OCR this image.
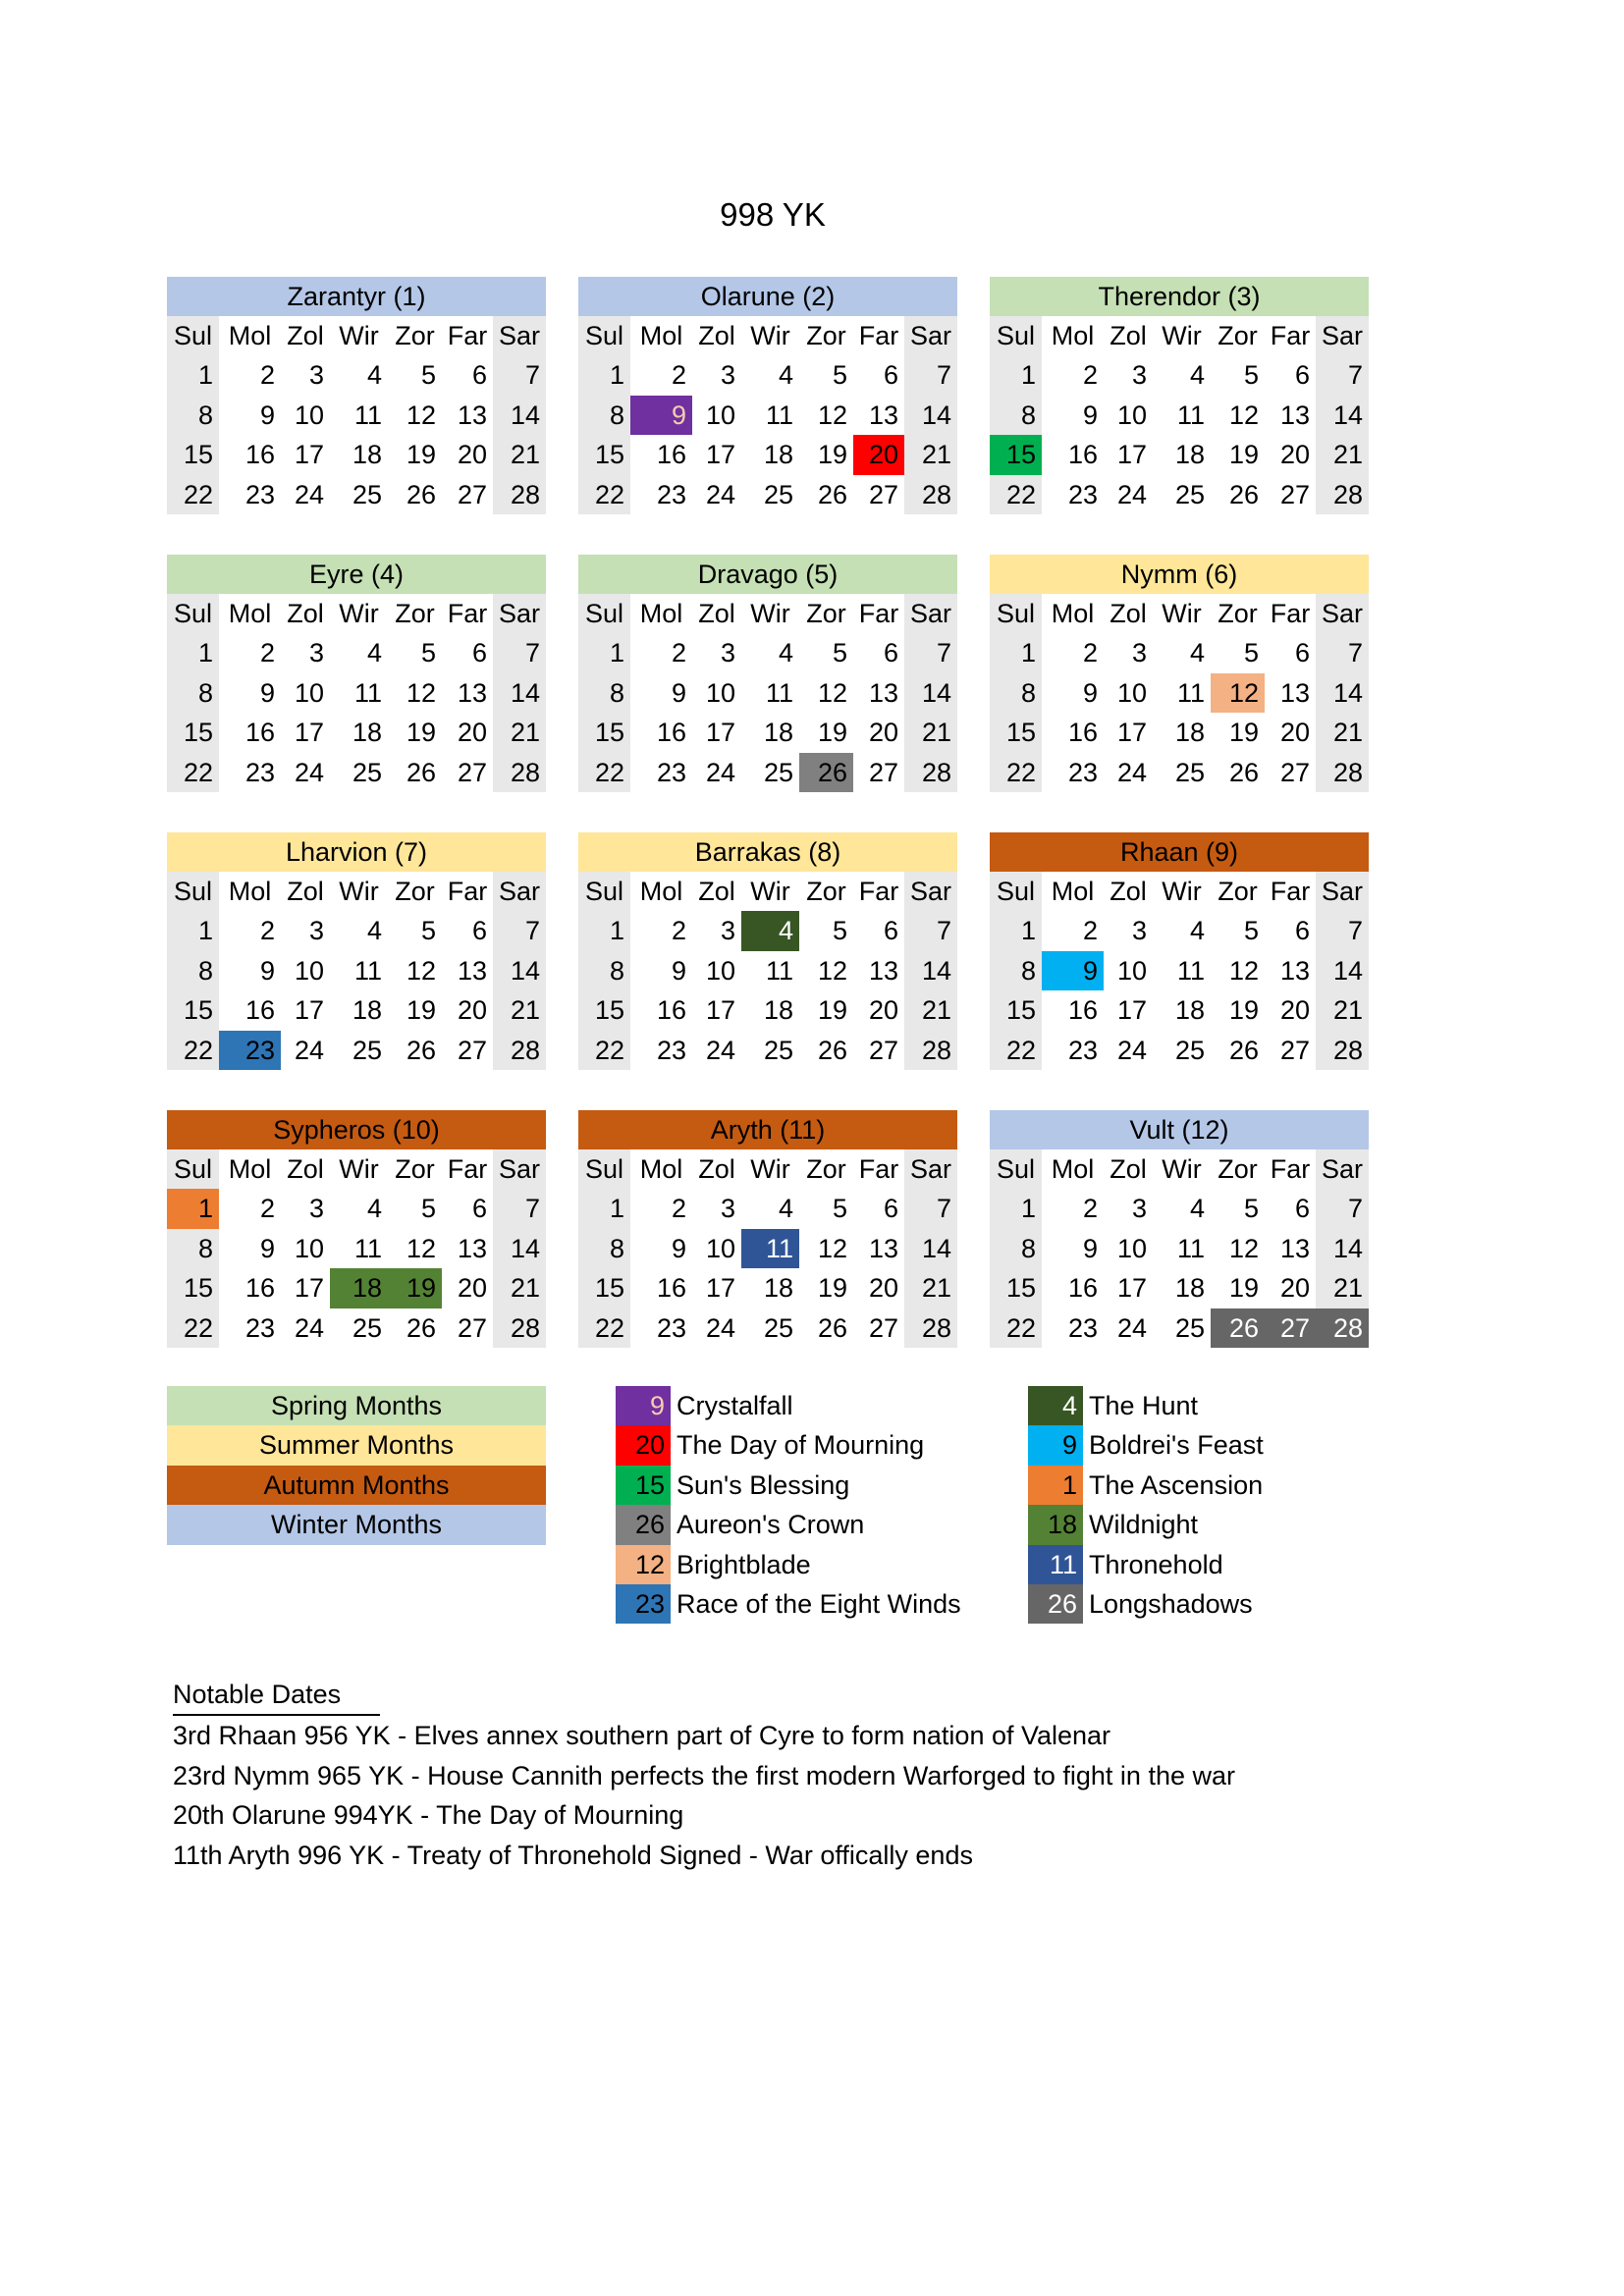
998 YK
Zarantyr (1)
Sul Mol Zol Wir Zor Far Sar
1	2	3	4	5	6	7
8	9 10	11 12 13 14
15	16 17	18 19 20 21
22	23 24	25 26 27 28
Olarune (2)
Sul Mol Zol Wir Zor Far Sar
1	2	3	4	5	6	7
8	9 10	11 12 13 14
15	16 17	18 19 20 21
22	23 24	25 26 27 28
Therendor (3)
Sul Mol Zol Wir Zor Far Sar
1	2	3	4	5	6	7
8	9 10	11 12 13 14
15	16 17	18 19 20 21
22	23 24	25 26 27 28
Eyre (4)
Sul Mol Zol Wir Zor Far Sar
1	2	3	4	5	6	7
8	9 10	11 12 13 14
15	16 17	18 19 20 21
22	23 24	25 26 27 28
Dravago (5)
Sul Mol Zol Wir Zor Far Sar
1	2	3	4	5	6	7
8	9 10	11 12 13 14
15	16 17	18 19 20 21
22	23 24	25 26 27 28
Nymm (6)
Sul Mol Zol Wir Zor Far Sar
1	2	3	4	5	6	7
8	9 10	11 12 13 14
15	16 17	18 19 20 21
22	23 24	25 26 27 28
Lharvion (7)
Sul Mol Zol Wir Zor Far Sar
1	2	3	4	5	6	7
8	9 10	11 12 13 14
15	16 17	18 19 20 21
22	23 24	25 26 27 28
Barrakas (8)
Sul Mol Zol Wir Zor Far Sar
1	2	3	4	5	6	7
8	9 10	11 12 13 14
15	16 17	18 19 20 21
22	23 24	25 26 27 28
Rhaan (9)
Sul Mol Zol Wir Zor Far Sar
1	2	3	4	5	6	7
8	9 10	11 12 13 14
15	16 17	18 19 20 21
22	23 24	25 26 27 28
Sypheros (10)
Sul Mol Zol Wir Zor Far Sar
1	2	3	4	5	6	7
8	9 10	11 12 13 14
15	16 17	18 19 20 21
22	23 24	25 26 27 28
Aryth (11)
Sul Mol Zol Wir Zor Far Sar
1	2	3	4	5	6	7
8	9 10	11 12 13 14
15	16 17	18 19 20 21
22	23 24	25 26 27 28
Vult (12)
Sul Mol Zol Wir Zor Far Sar
1	2	3	4	5	6	7
8	9 10	11 12 13 14
15	16 17	18 19 20 21
22	23 24	25 26 27 28
Spring Months
Summer Months
Autumn Months
Winter Months
9 Crystalfall
20 The Day of Mourning
15 Sun's Blessing
26 Aureon's Crown
12 Brightblade
23 Race of the Eight Winds
4 The Hunt
9 Boldrei's Feast
1 The Ascension
18 Wildnight
11 Thronehold
26 Longshadows
Notable Dates
3rd Rhaan 956 YK - Elves annex southern part of Cyre to form nation of Valenar
23rd Nymm 965 YK - House Cannith perfects the first modern Warforged to fight in the war
20th Olarune 994YK - The Day of Mourning
11th Aryth 996 YK - Treaty of Thronehold Signed - War offically ends
